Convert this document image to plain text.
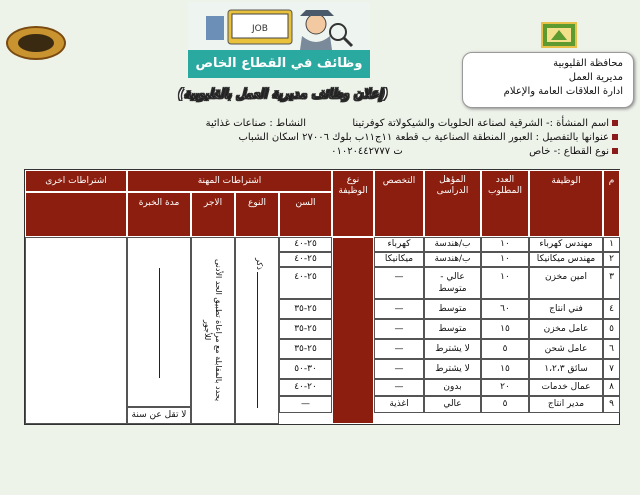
JOB
وظائف في القطاع الخاص	محافظة القليوبية
مديرية العمل
ادارة العلاقات العامة والإعلام
(إعلان وظائف مديرية العمل بالقليوبية)
اسم المنشأة :- الشرقية لصناعة الحلويات والشيكولاتة كوفرتينا  النشاط : صناعات غذائية
عنوانها بالتفصيل : العبور المنطقة الصناعية ب قطعة ١١ج١١ب بلوك ٢٧٠٠٦ اسكان الشباب
نوع القطاع :- خاص  ت ٠١٠٢٠٤٤٢٧٧٧
م
الوظيفة
العدد المطلوب
المؤهل الدراسى
التخصص
نوع الوظيفة
اشتراطات المهنة
السن
النوع
الاجر
مدة الخبرة
اشتراطات اخرى
ذكر
يحدد بالمقابلة مع مراعاة تطبيق الحد الأدنى للأجور
لا تقل عن سنة
١
مهندس كهرباء
١٠
ب/هندسة
كهرباء
٢٥-٤٠
٢
مهندس ميكانيكا
١٠
ب/هندسة
ميكانيكا
٢٥-٤٠
٣
امين مخزن
١٠
عالي - متوسط
—
٢٥-٤٠
٤
فني انتاج
٦٠
متوسط
—
٢٥-٣٥
٥
عامل مخزن
١٥
متوسط
—
٢٥-٣٥
٦
عامل شحن
٥
لا يشترط
—
٢٥-٣٥
٧
سائق ١،٢،٣
١٥
لا يشترط
—
٣٠-٥٠
٨
عمال خدمات
٢٠
بدون
—
٢٠-٤٠
٩
مدير انتاج
٥
عالي
اغذية
—
